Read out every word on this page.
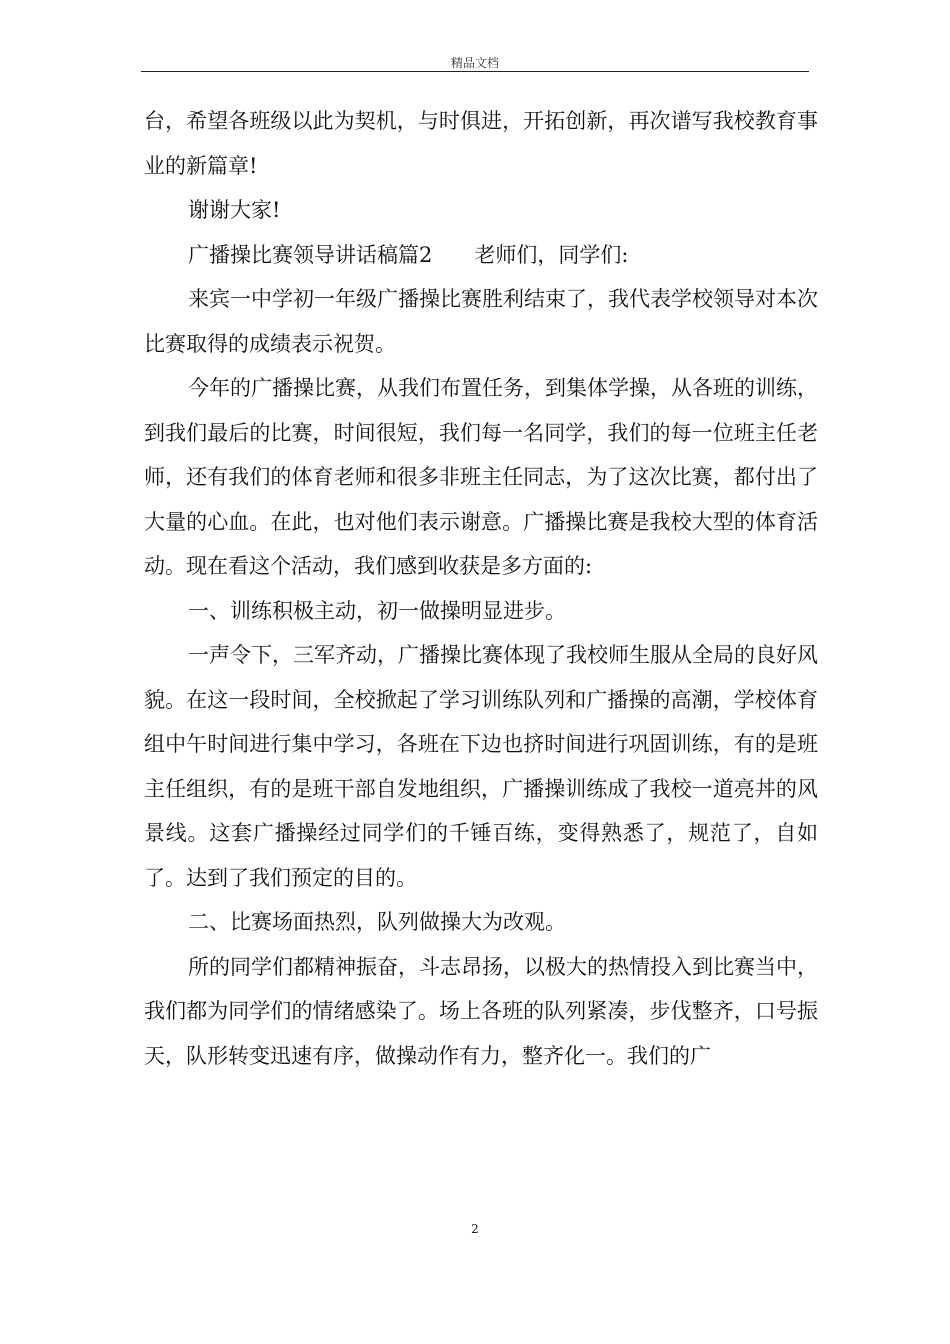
精品文档

台，希望各班级以此为契机，与时俱进，开拓创新，再次谱写我校教育事业的新篇章!

谢谢大家!

广播操比赛领导讲话稿篇2　　老师们，同学们:

来宾一中学初一年级广播操比赛胜利结束了，我代表学校领导对本次比赛取得的成绩表示祝贺。

今年的广播操比赛，从我们布置任务，到集体学操，从各班的训练，到我们最后的比赛，时间很短，我们每一名同学，我们的每一位班主任老师，还有我们的体育老师和很多非班主任同志，为了这次比赛，都付出了大量的心血。在此，也对他们表示谢意。广播操比赛是我校大型的体育活动。现在看这个活动，我们感到收获是多方面的:

一、训练积极主动，初一做操明显进步。

一声令下，三军齐动，广播操比赛体现了我校师生服从全局的良好风貌。在这一段时间，全校掀起了学习训练队列和广播操的高潮，学校体育组中午时间进行集中学习，各班在下边也挤时间进行巩固训练，有的是班主任组织，有的是班干部自发地组织，广播操训练成了我校一道亮丼的风景线。这套广播操经过同学们的千锤百练，变得熟悉了，规范了，自如了。达到了我们预定的目的。

二、比赛场面热烈，队列做操大为改观。

所的同学们都精神振奋，斗志昂扬，以极大的热情投入到比赛当中，我们都为同学们的情绪感染了。场上各班的队列紧凑，步伐整齐，口号振天，队形转变迅速有序，做操动作有力，整齐化一。我们的广

2
